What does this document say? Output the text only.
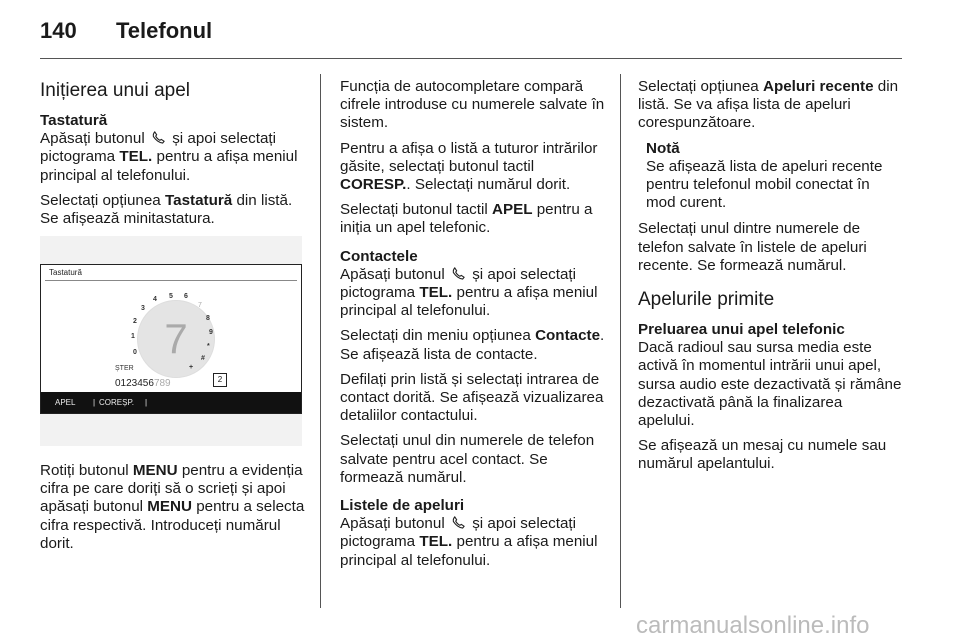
140 Telefonul
Inițierea unui apel
Tastatură

Apăsați butonul și apoi selectați pictograma TEL. pentru a afișa meniul principal al telefonului.

Selectați opțiunea Tastatură din listă. Se afișează minitastatura.

Tastatură
7
0
1
2
3
4 5 6
7
8
9
*
#
+
ȘTER
0123456789	2
APEL | COREȘP. |

Rotiți butonul MENU pentru a evidenția cifra pe care doriți să o scrieți și apoi apăsați butonul MENU pentru a selecta cifra respectivă. Introduceți numărul dorit.

Funcția de autocompletare compară cifrele introduse cu numerele salvate în sistem.

Pentru a afișa o listă a tuturor intrărilor găsite, selectați butonul tactil CORESP.. Selectați numărul dorit.

Selectați butonul tactil APEL pentru a iniția un apel telefonic.

Contactele

Apăsați butonul și apoi selectați pictograma TEL. pentru a afișa meniul principal al telefonului.

Selectați din meniu opțiunea Contacte. Se afișează lista de contacte.

Defilați prin listă și selectați intrarea de contact dorită. Se afișează vizualizarea detaliilor contactului.

Selectați unul din numerele de telefon salvate pentru acel contact. Se formează numărul.

Listele de apeluri

Apăsați butonul și apoi selectați pictograma TEL. pentru a afișa meniul principal al telefonului.

Selectați opțiunea Apeluri recente din listă. Se va afișa lista de apeluri corespunzătoare.

Notă
Se afișează lista de apeluri recente pentru telefonul mobil conectat în mod curent.

Selectați unul dintre numerele de telefon salvate în listele de apeluri recente. Se formează numărul.

Apelurile primite
Preluarea unui apel telefonic

Dacă radioul sau sursa media este activă în momentul intrării unui apel, sursa audio este dezactivată și rămâne dezactivată până la finalizarea apelului.

Se afișează un mesaj cu numele sau numărul apelantului.

carmanualsonline.info
